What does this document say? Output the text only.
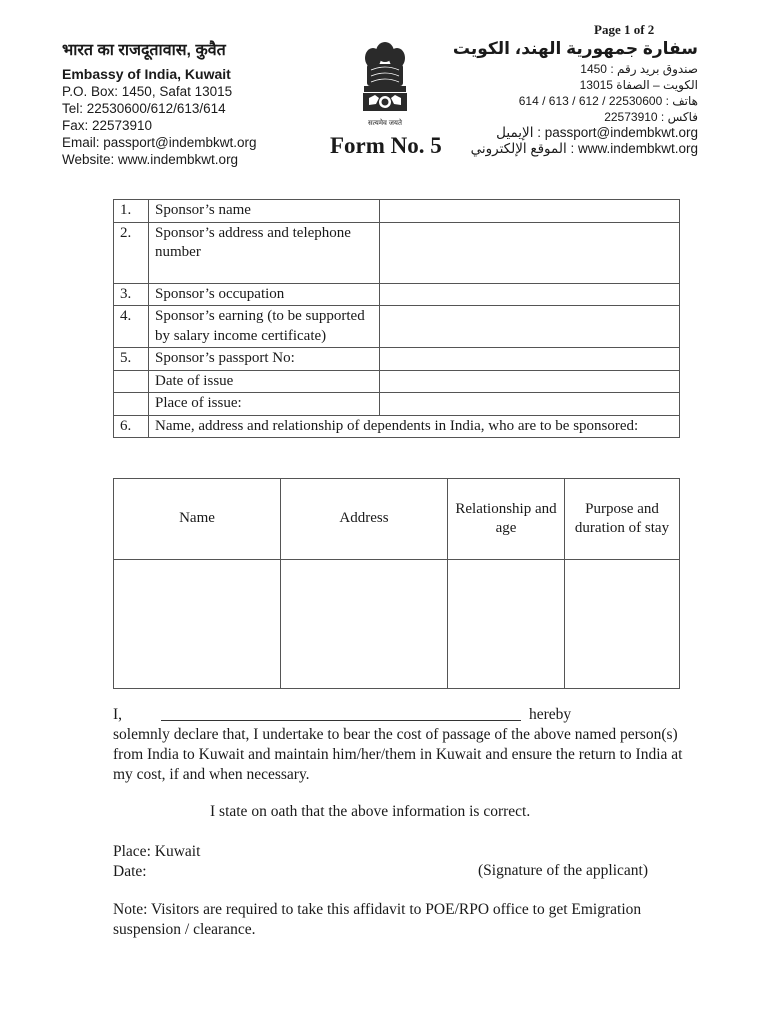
Page 1 of 2
भारत का राजदूतावास, कुवैत
Embassy of India, Kuwait
P.O. Box: 1450, Safat 13015
Tel: 22530600/612/613/614
Fax: 22573910
Email: passport@indembkwt.org
Website: www.indembkwt.org
सत्यमेव जयते
Form No. 5
سفارة جمهورية الهند، الكويت
صندوق بريد رقم : 1450
الكويت – الصفاة 13015
هاتف : 22530600 / 612 / 613 / 614
فاكس : 22573910
passport@indembkwt.org : الإيميل
www.indembkwt.org : الموقع الإلكتروني
1.	Sponsor’s name	
2.	Sponsor’s address and telephone number	
3.	Sponsor’s occupation	
4.	Sponsor’s earning (to be supported by salary income certificate)	
5.	Sponsor’s passport No:	
	Date of issue	
	Place of issue:	
6.	Name, address and relationship of dependents in India, who are to be sponsored:	
Name	Address	Relationship and age	Purpose and duration of stay

I,	hereby
solemnly declare that, I undertake to bear the cost of passage of the above named person(s) from India to Kuwait and maintain him/her/them in Kuwait and ensure the return to India at my cost, if and when necessary.
I state on oath that the above information is correct.
Place: Kuwait
Date:	(Signature of the applicant)
Note: Visitors are required to take this affidavit to POE/RPO office to get Emigration suspension / clearance.
